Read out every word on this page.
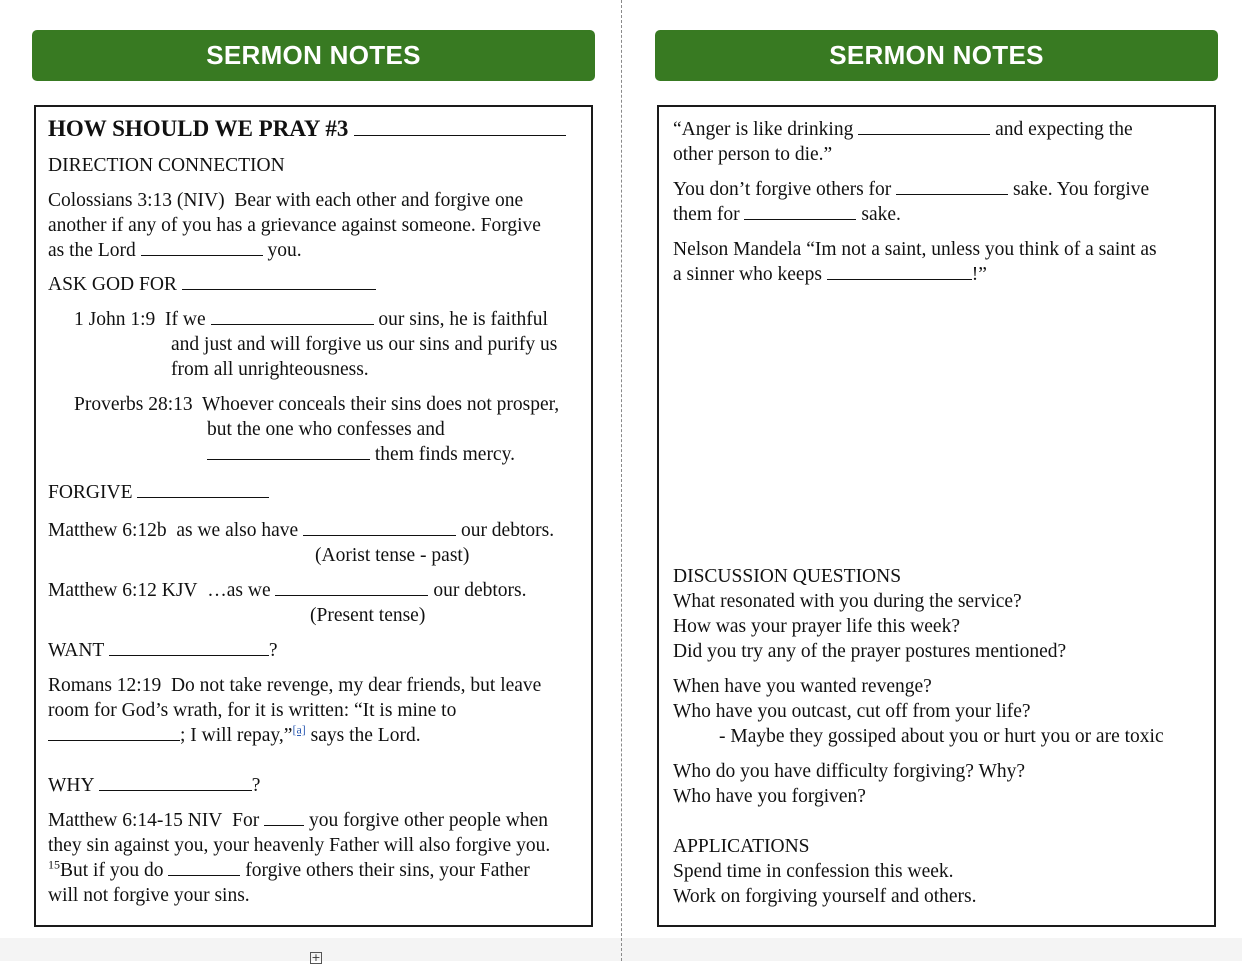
SERMON NOTES
HOW SHOULD WE PRAY #3
DIRECTION CONNECTION
Colossians 3:13 (NIV) Bear with each other and forgive one
another if any of you has a grievance against someone. Forgive
as the Lord	you.
ASK GOD FOR
1 John 1:9 If we	our sins, he is faithful
and just and will forgive us our sins and purify us
from all unrighteousness.
Proverbs 28:13 Whoever conceals their sins does not prosper,
but the one who confesses and
them finds mercy.
FORGIVE
Matthew 6:12b as we also have	our debtors.
(Aorist tense - past)
Matthew 6:12 KJV …as we	our debtors.
(Present tense)
WANT	?
Romans 12:19 Do not take revenge, my dear friends, but leave
room for God’s wrath, for it is written: “It is mine to
; I will repay,”[a] says the Lord.
WHY	?
Matthew 6:14-15 NIV For	you forgive other people when
they sin against you, your heavenly Father will also forgive you.
$^{15}$But if you do	forgive others their sins, your Father
will not forgive your sins.
+
SERMON NOTES
“Anger is like drinking	and expecting the
other person to die.”
You don’t forgive others for	sake. You forgive
them for	sake.
Nelson Mandela “Im not a saint, unless you think of a saint as
a sinner who keeps	!”
DISCUSSION QUESTIONS
What resonated with you during the service?
How was your prayer life this week?
Did you try any of the prayer postures mentioned?
When have you wanted revenge?
Who have you outcast, cut off from your life?
- Maybe they gossiped about you or hurt you or are toxic
Who do you have difficulty forgiving? Why?
Who have you forgiven?
APPLICATIONS
Spend time in confession this week.
Work on forgiving yourself and others.
